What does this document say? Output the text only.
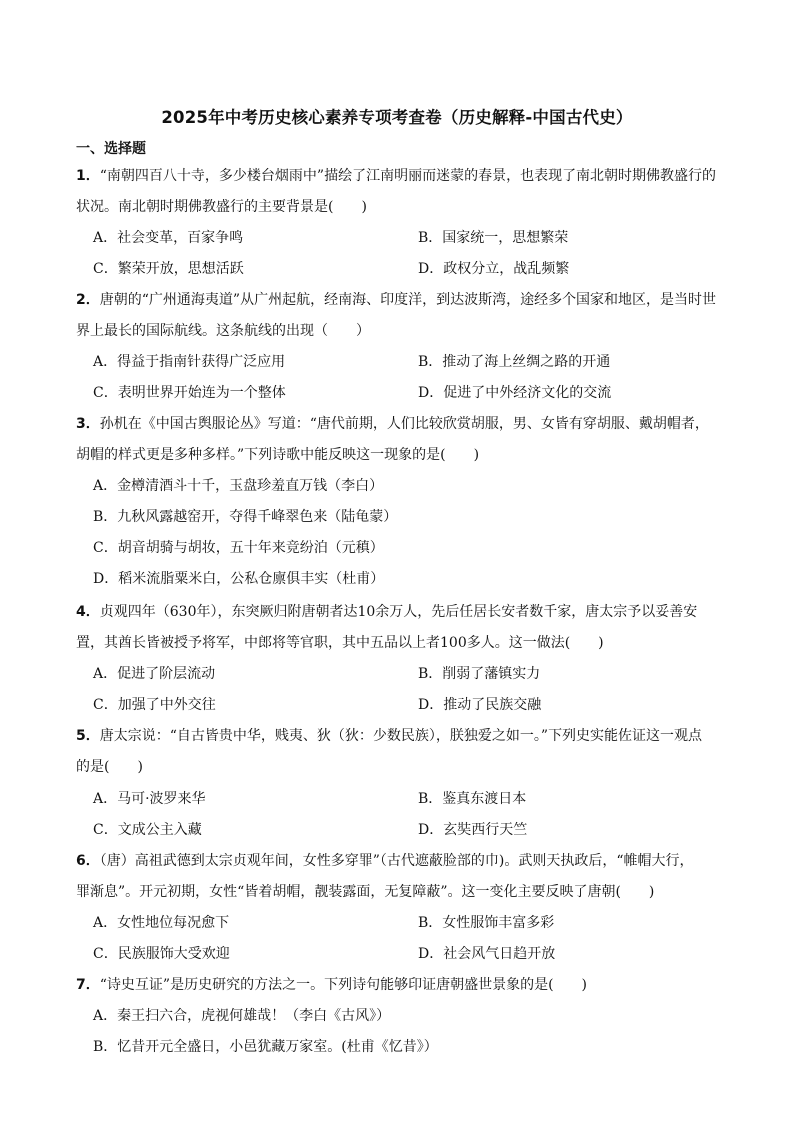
2025年中考历史核心素养专项考查卷（历史解释-中国古代史）
一、选择题
1．“南朝四百八十寺，多少楼台烟雨中”描绘了江南明丽而迷蒙的春景，也表现了南北朝时期佛教盛行的
状况。南北朝时期佛教盛行的主要背景是(　　)
A．社会变革，百家争鸣	B．国家统一，思想繁荣
C．繁荣开放，思想活跃	D．政权分立，战乱频繁
2．唐朝的“广州通海夷道”从广州起航，经南海、印度洋，到达波斯湾，途经多个国家和地区，是当时世
界上最长的国际航线。这条航线的出现（　　）
A．得益于指南针获得广泛应用	B．推动了海上丝绸之路的开通
C．表明世界开始连为一个整体	D．促进了中外经济文化的交流
3．孙机在《中国古舆服论丛》写道：“唐代前期，人们比较欣赏胡服，男、女皆有穿胡服、戴胡帽者，
胡帽的样式更是多种多样。”下列诗歌中能反映这一现象的是(　　)
A．金樽清酒斗十千，玉盘珍羞直万钱（李白）
B．九秋风露越窑开，夺得千峰翠色来（陆龟蒙）
C．胡音胡骑与胡妆，五十年来竞纷泊（元稹）
D．稻米流脂粟米白，公私仓廪俱丰实（杜甫）
4．贞观四年（630年），东突厥归附唐朝者达10余万人，先后任居长安者数千家，唐太宗予以妥善安
置，其酋长皆被授予将军，中郎将等官职，其中五品以上者100多人。这一做法(　　)
A．促进了阶层流动	B．削弱了藩镇实力
C．加强了中外交往	D．推动了民族交融
5．唐太宗说：“自古皆贵中华，贱夷、狄（狄：少数民族），朕独爱之如一。”下列史实能佐证这一观点
的是(　　)
A．马可·波罗来华	B．鉴真东渡日本
C．文成公主入藏	D．玄奘西行天竺
6．（唐）高祖武德到太宗贞观年间，女性多穿罪”（古代遮蔽脸部的巾)。武则天执政后，“帷帽大行，
罪渐息”。开元初期，女性“皆着胡帽，靓装露面，无复障蔽”。这一变化主要反映了唐朝(　　)
A．女性地位每况愈下	B．女性服饰丰富多彩
C．民族服饰大受欢迎	D．社会风气日趋开放
7．“诗史互证”是历史研究的方法之一。下列诗句能够印证唐朝盛世景象的是(　　)
A．秦王扫六合，虎视何雄哉！（李白《古风》）
B．忆昔开元全盛日，小邑犹藏万家室。(杜甫《忆昔》）
